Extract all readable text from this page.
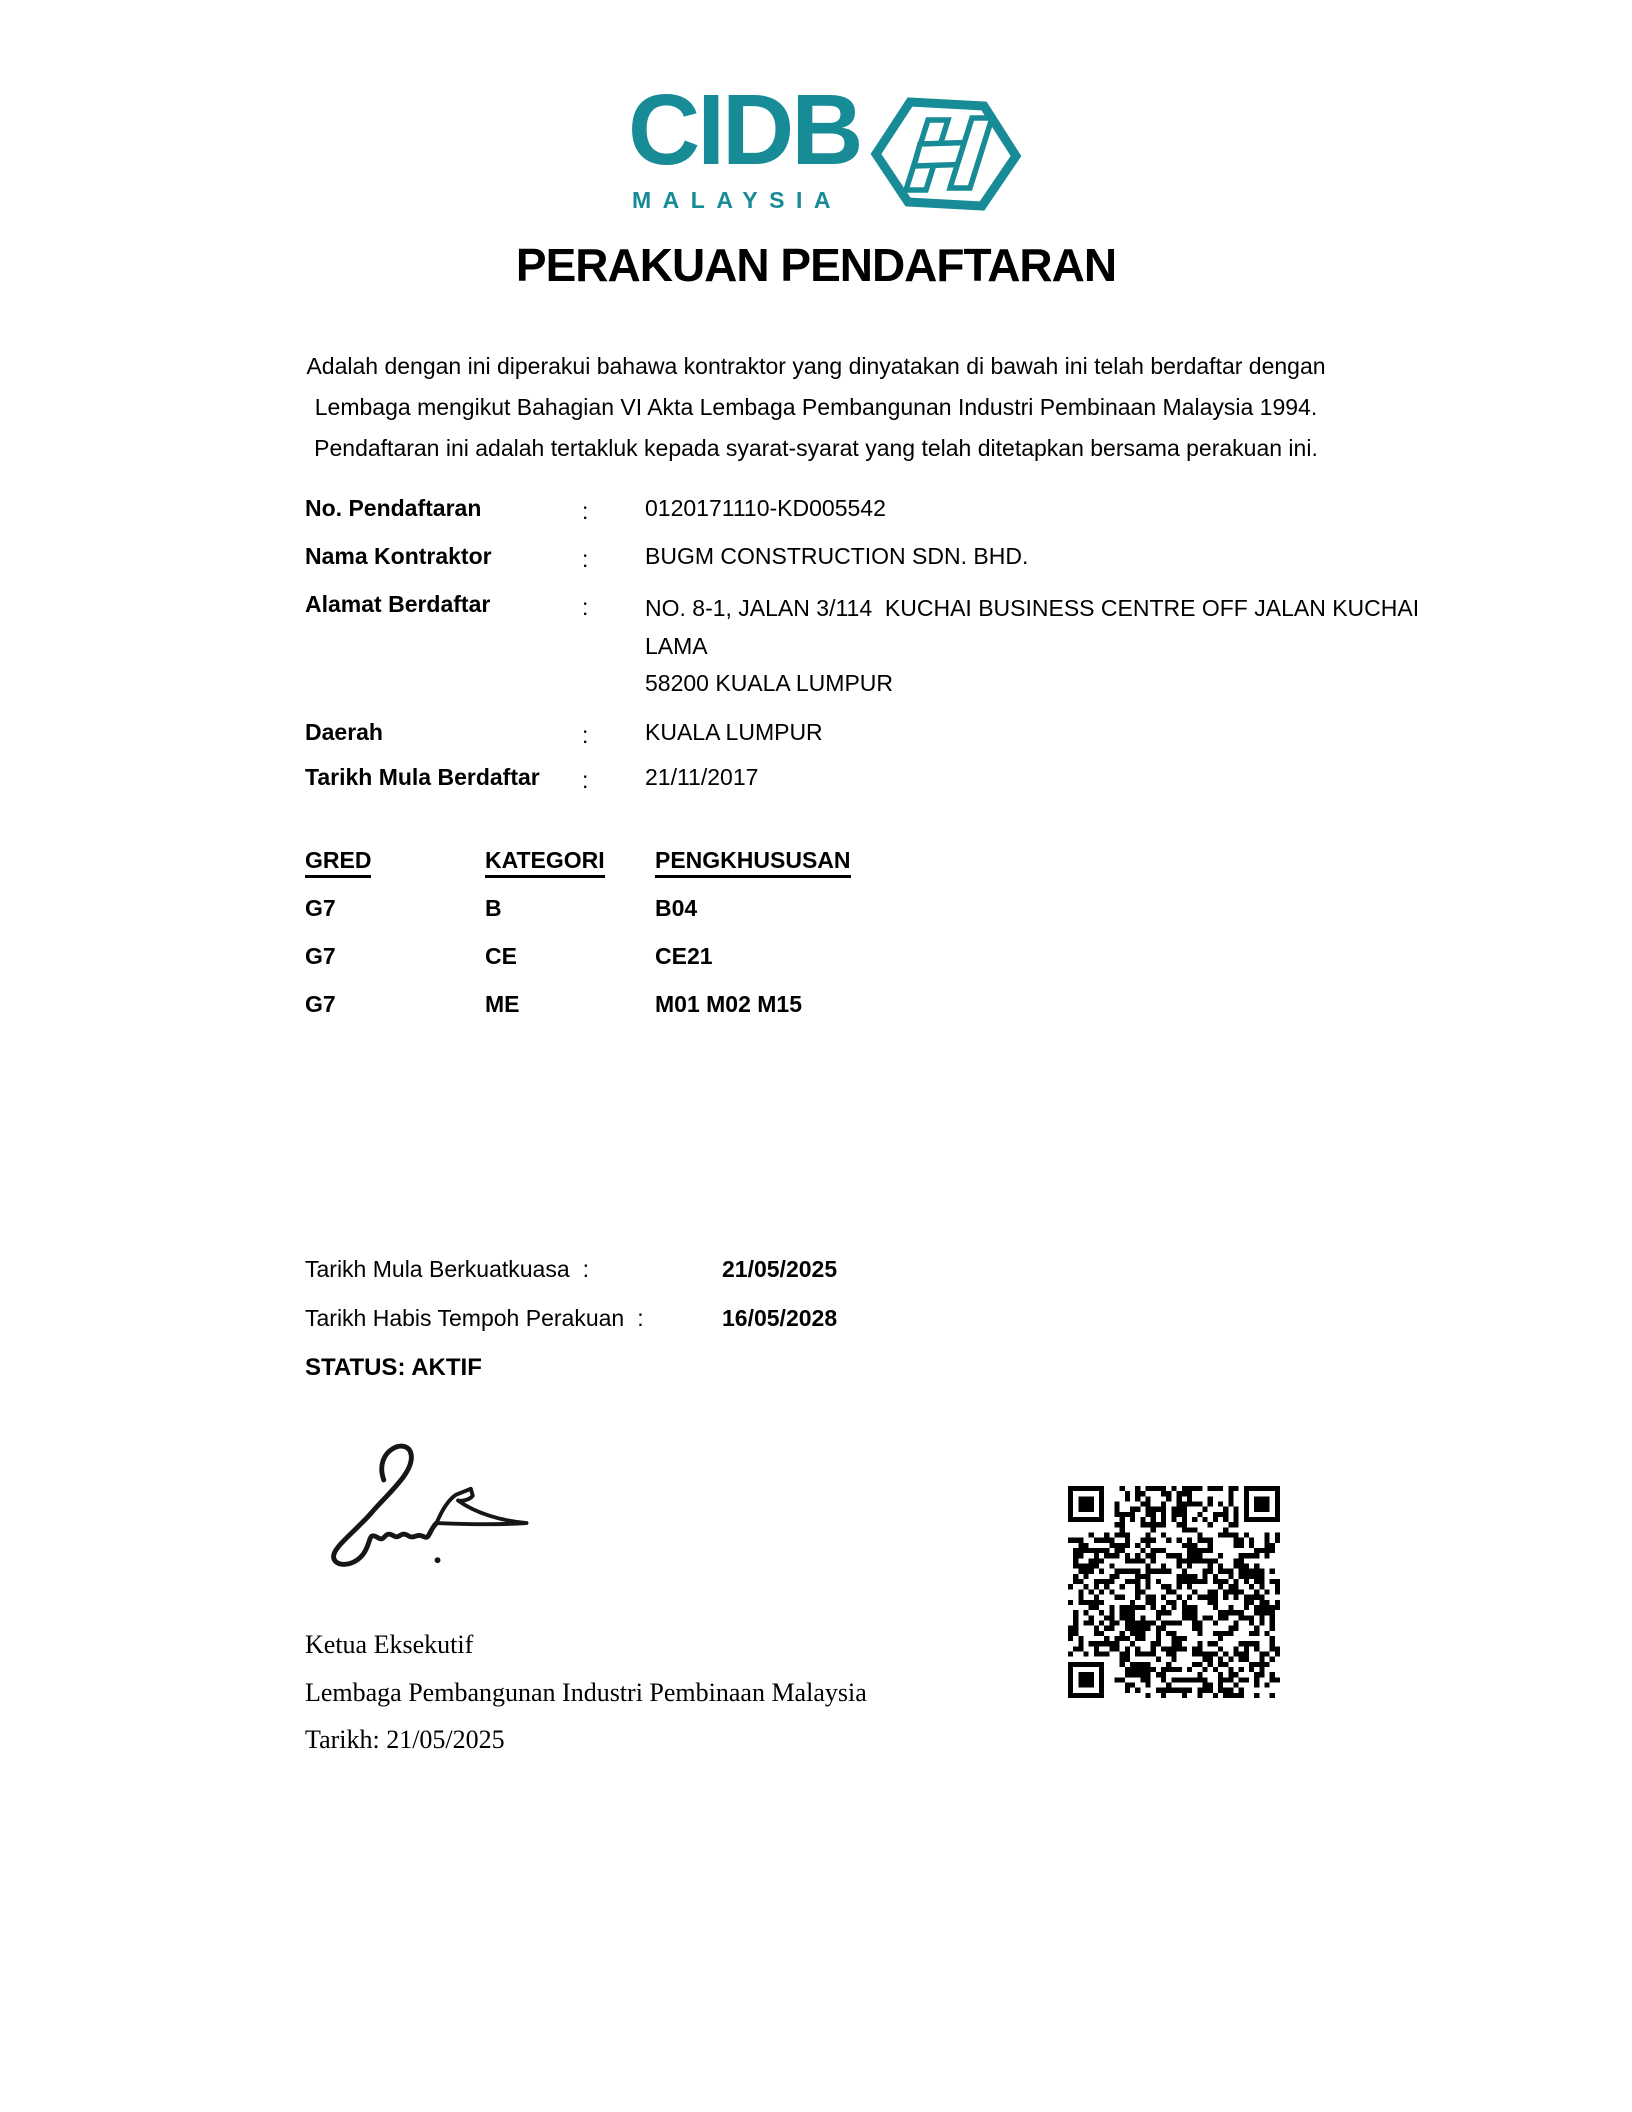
CIDB
MALAYSIA
PERAKUAN PENDAFTARAN
Adalah dengan ini diperakui bahawa kontraktor yang dinyatakan di bawah ini telah berdaftar dengan
Lembaga mengikut Bahagian VI Akta Lembaga Pembangunan Industri Pembinaan Malaysia 1994.
Pendaftaran ini adalah tertakluk kepada syarat-syarat yang telah ditetapkan bersama perakuan ini.
No. Pendaftaran	: 0120171110-KD005542
Nama Kontraktor	: BUGM CONSTRUCTION SDN. BHD.
Alamat Berdaftar	: NO. 8-1, JALAN 3/114  KUCHAI BUSINESS CENTRE OFF JALAN KUCHAI
LAMA
58200 KUALA LUMPUR
Daerah	: KUALA LUMPUR
Tarikh Mula Berdaftar	: 21/11/2017
GRED	KATEGORI	PENGKHUSUSAN
G7	B	B04
G7	CE	CE21
G7	ME	M01 M02 M15
Tarikh Mula Berkuatkuasa :	21/05/2025
Tarikh Habis Tempoh Perakuan :	16/05/2028
STATUS: AKTIF
Ketua Eksekutif
Lembaga Pembangunan Industri Pembinaan Malaysia
Tarikh: 21/05/2025
